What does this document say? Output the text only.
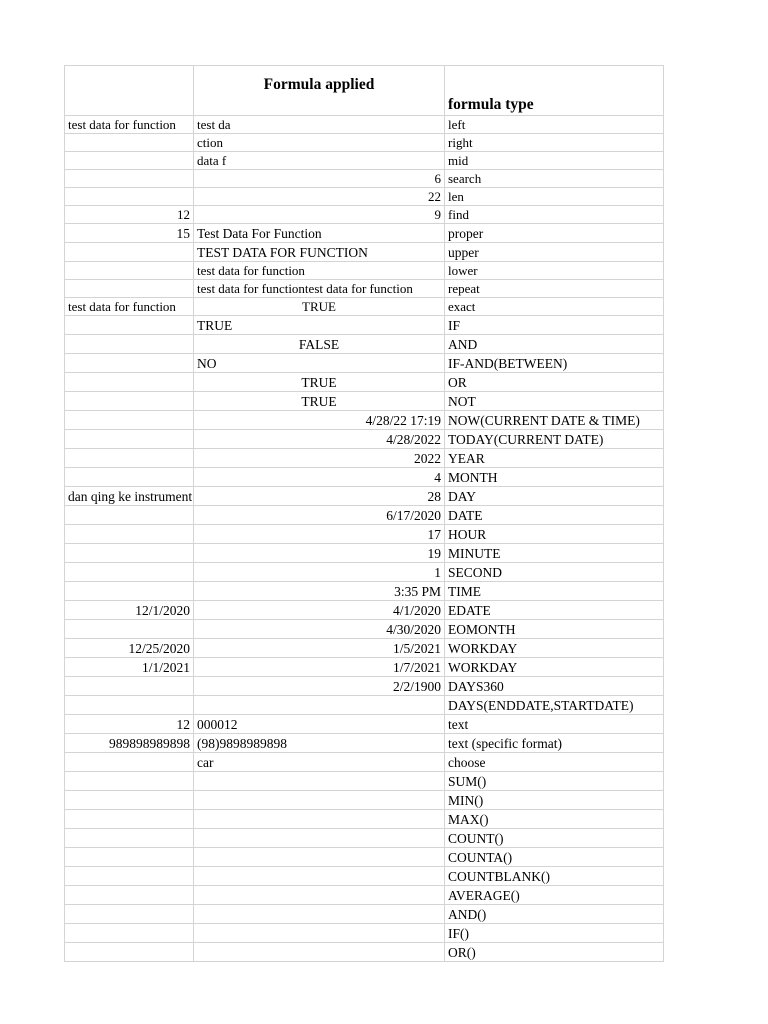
	Formula applied	formula type
test data for function	test da	left
	ction	right
	data f	mid
	6	search
	22	len
12	9	find
15	Test Data For Function	proper
	TEST DATA FOR FUNCTION	upper
	test data for function	lower
	test data for functiontest data for function	repeat
test data for function	TRUE	exact
	TRUE	IF
	FALSE	AND
	NO	IF-AND(BETWEEN)
	TRUE	OR
	TRUE	NOT
	4/28/22 17:19	NOW(CURRENT DATE & TIME)
	4/28/2022	TODAY(CURRENT DATE)
	2022	YEAR
	4	MONTH
dan qing ke instrument	28	DAY
	6/17/2020	DATE
	17	HOUR
	19	MINUTE
	1	SECOND
	3:35 PM	TIME
12/1/2020	4/1/2020	EDATE
	4/30/2020	EOMONTH
12/25/2020	1/5/2021	WORKDAY
1/1/2021	1/7/2021	WORKDAY
	2/2/1900	DAYS360
		DAYS(ENDDATE,STARTDATE)
12	000012	text
989898989898	(98)9898989898	text (specific format)
	car	choose
		SUM()
		MIN()
		MAX()
		COUNT()
		COUNTA()
		COUNTBLANK()
		AVERAGE()
		AND()
		IF()
		OR()
